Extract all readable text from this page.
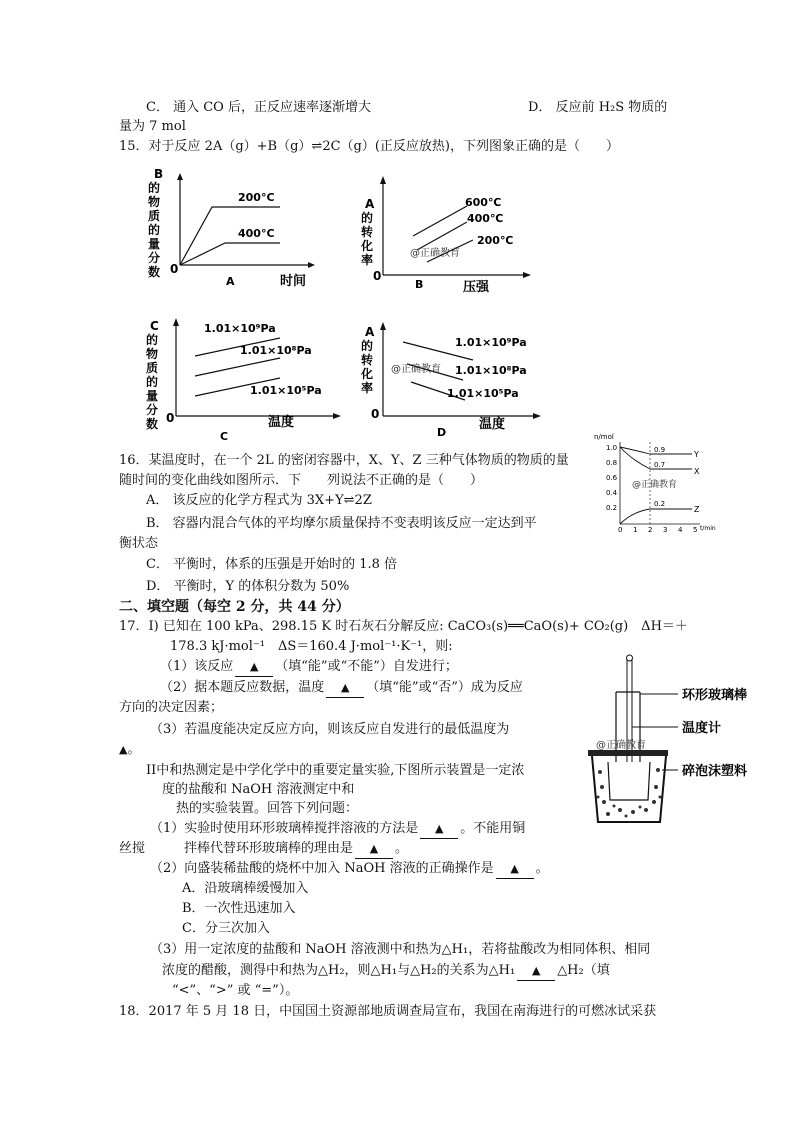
C． 通入 CO 后，正反应速率逐渐增大	D． 反应前 H₂S 物质的
量为 7 mol
15．对于反应 2A（g）+B（g）⇌2C（g）(正反应放热)，下列图象正确的是（　　）
B
的
物
质
的
量
分
数 0
200°C
400°C
A	时间
A
的
转
化
率
0
600℃
400℃
200℃
@正确教育
B	压强
C
的
物
质
的
量
分
数 0
1.01×10⁹Pa
1.01×10⁸Pa
1.01×10⁵Pa
C
温度
A
的
转
化
率
0
1.01×10⁹Pa
1.01×10⁸Pa
1.01×10⁵Pa
@正确教育
D
温度
16．某温度时，在一个 2L 的密闭容器中，X、Y、Z 三种气体物质的物质的量
随时间的变化曲线如图所示．下　　列说法不正确的是（　　）
A． 该反应的化学方程式为 3X+Y⇌2Z
B． 容器内混合气体的平均摩尔质量保持不变表明该反应一定达到平
衡状态
C． 平衡时，体系的压强是开始时的 1.8 倍
D． 平衡时，Y 的体积分数为 50%
n/mol
1.0
0.8
0.6
0.4
0.2
0 1 2 3 4 5 t/min
0.9
0.7
0.2
Y
X
Z
@正确教育
二、填空题（每空 2 分，共 44 分）
17．I) 已知在 100 kPa、298.15 K 时石灰石分解反应: CaCO₃(s)══CaO(s)+ CO₂(g)　ΔH＝＋
178.3 kJ·mol⁻¹　ΔS＝160.4 J·mol⁻¹·K⁻¹，则:
（1）该反应 ▲ （填“能”或“不能”）自发进行；
（2）据本题反应数据，温度 ▲ （填“能”或“否”）成为反应
方向的决定因素；
（3）若温度能决定反应方向，则该反应自发进行的最低温度为
▲。
II中和热测定是中学化学中的重要定量实验,下图所示装置是一定浓
度的盐酸和 NaOH 溶液测定中和
热的实验装置。回答下列问题：
（1）实验时使用环形玻璃棒搅拌溶液的方法是 ▲ 。不能用铜
丝搅　　　拌棒代替环形玻璃棒的理由是 ▲ 。
（2）向盛装稀盐酸的烧杯中加入 NaOH 溶液的正确操作是 ▲ 。
A．沿玻璃棒缓慢加入
B．一次性迅速加入
C．分三次加入
（3）用一定浓度的盐酸和 NaOH 溶液测中和热为△H₁，若将盐酸改为相同体积、相同
浓度的醋酸，测得中和热为△H₂，则△H₁与△H₂的关系为△H₁ ▲ △H₂（填
“<”、“>” 或 “=”）。
环形玻璃棒
温度计
碎泡沫塑料
@正确教育
18．2017 年 5 月 18 日，中国国土资源部地质调查局宣布，我国在南海进行的可燃冰试采获
